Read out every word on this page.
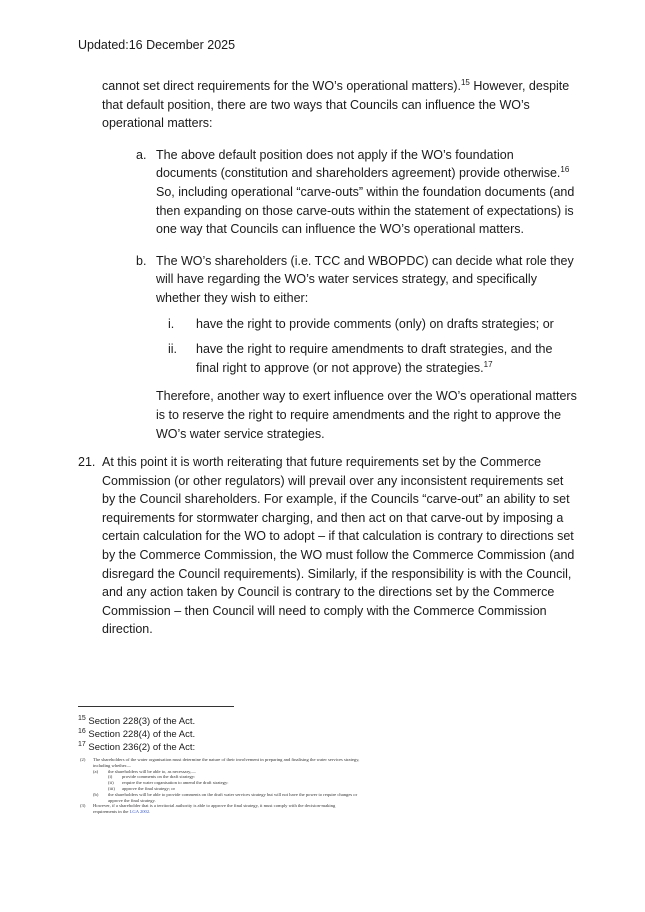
Updated:16 December 2025

cannot set direct requirements for the WO’s operational matters).$^{15}$ However, despite that default position, there are two ways that Councils can influence the WO’s operational matters:

a. The above default position does not apply if the WO’s foundation documents (constitution and shareholders agreement) provide otherwise.$^{16}$ So, including operational “carve-outs” within the foundation documents (and then expanding on those carve-outs within the statement of expectations) is one way that Councils can influence the WO’s operational matters.
b. The WO’s shareholders (i.e. TCC and WBOPDC) can decide what role they will have regarding the WO’s water services strategy, and specifically whether they wish to either:
i. have the right to provide comments (only) on drafts strategies; or
ii. have the right to require amendments to draft strategies, and the final right to approve (or not approve) the strategies.$^{17}$

Therefore, another way to exert influence over the WO’s operational matters is to reserve the right to require amendments and the right to approve the WO’s water service strategies.

21. At this point it is worth reiterating that future requirements set by the Commerce Commission (or other regulators) will prevail over any inconsistent requirements set by the Council shareholders. For example, if the Councils “carve-out” an ability to set requirements for stormwater charging, and then act on that carve-out by imposing a certain calculation for the WO to adopt – if that calculation is contrary to directions set by the Commerce Commission, the WO must follow the Commerce Commission (and disregard the Council requirements). Similarly, if the responsibility is with the Council, and any action taken by Council is contrary to the directions set by the Commerce Commission – then Council will need to comply with the Commerce Commission direction.
$^{15}$ Section 228(3) of the Act.
$^{16}$ Section 228(4) of the Act.
$^{17}$ Section 236(2) of the Act:
(2) The shareholders of the water organisation must determine the nature of their involvement in preparing and finalising the water services strategy, including whether—
(a) the shareholders will be able to, as necessary,—
(i) provide comments on the draft strategy:
(ii) require the water organisation to amend the draft strategy:
(iii) approve the final strategy; or
(b) the shareholders will be able to provide comments on the draft water services strategy but will not have the power to require changes or approve the final strategy.
(3) However, if a shareholder that is a territorial authority is able to approve the final strategy, it must comply with the decision-making requirements in the LGA 2002.
